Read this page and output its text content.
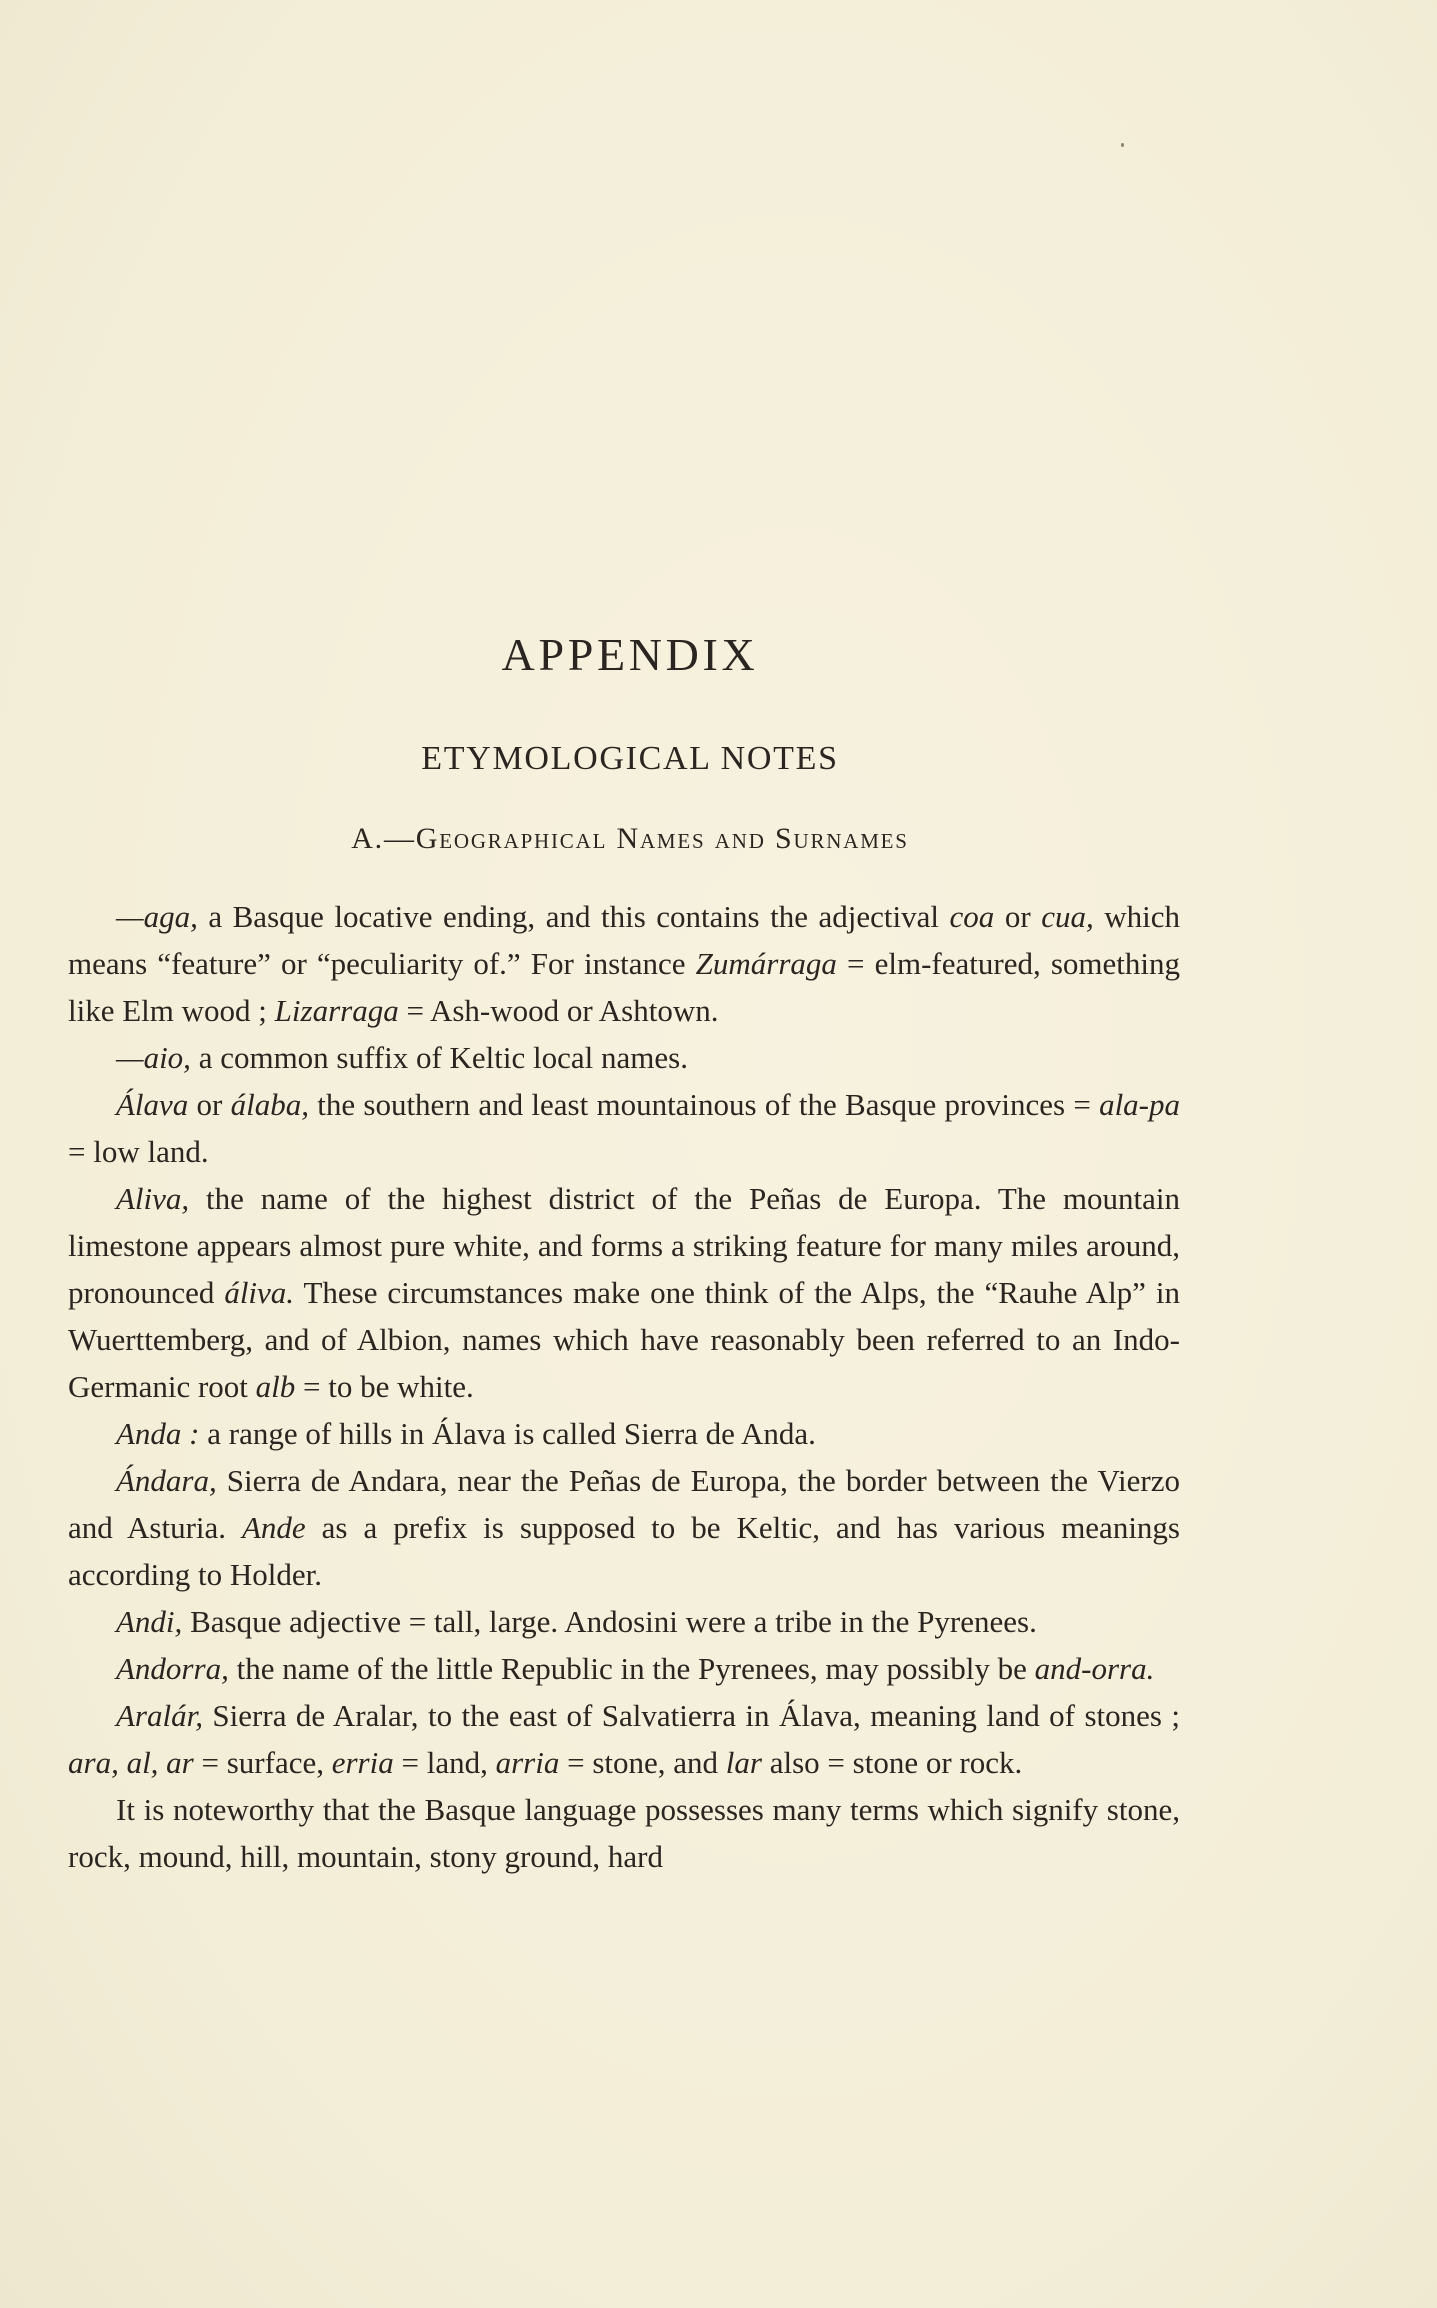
APPENDIX
ETYMOLOGICAL NOTES
A.—Geographical Names and Surnames

—aga, a Basque locative ending, and this contains the adjectival coa or cua, which means “feature” or “peculiarity of.” For instance Zumárraga = elm-featured, something like Elm wood ; Lizarraga = Ash-wood or Ashtown.

—aio, a common suffix of Keltic local names.

Álava or álaba, the southern and least mountainous of the Basque provinces = ala-pa = low land.

Aliva, the name of the highest district of the Peñas de Europa. The mountain limestone appears almost pure white, and forms a striking feature for many miles around, pronounced áliva. These circumstances make one think of the Alps, the “Rauhe Alp” in Wuerttemberg, and of Albion, names which have reasonably been referred to an Indo-Germanic root alb = to be white.

Anda : a range of hills in Álava is called Sierra de Anda.

Ándara, Sierra de Andara, near the Peñas de Europa, the border between the Vierzo and Asturia. Ande as a prefix is supposed to be Keltic, and has various meanings according to Holder.

Andi, Basque adjective = tall, large. Andosini were a tribe in the Pyrenees.

Andorra, the name of the little Republic in the Pyrenees, may possibly be and-orra.

Aralár, Sierra de Aralar, to the east of Salvatierra in Álava, meaning land of stones ; ara, al, ar = surface, erria = land, arria = stone, and lar also = stone or rock.

It is noteworthy that the Basque language possesses many terms which signify stone, rock, mound, hill, mountain, stony ground, hard
